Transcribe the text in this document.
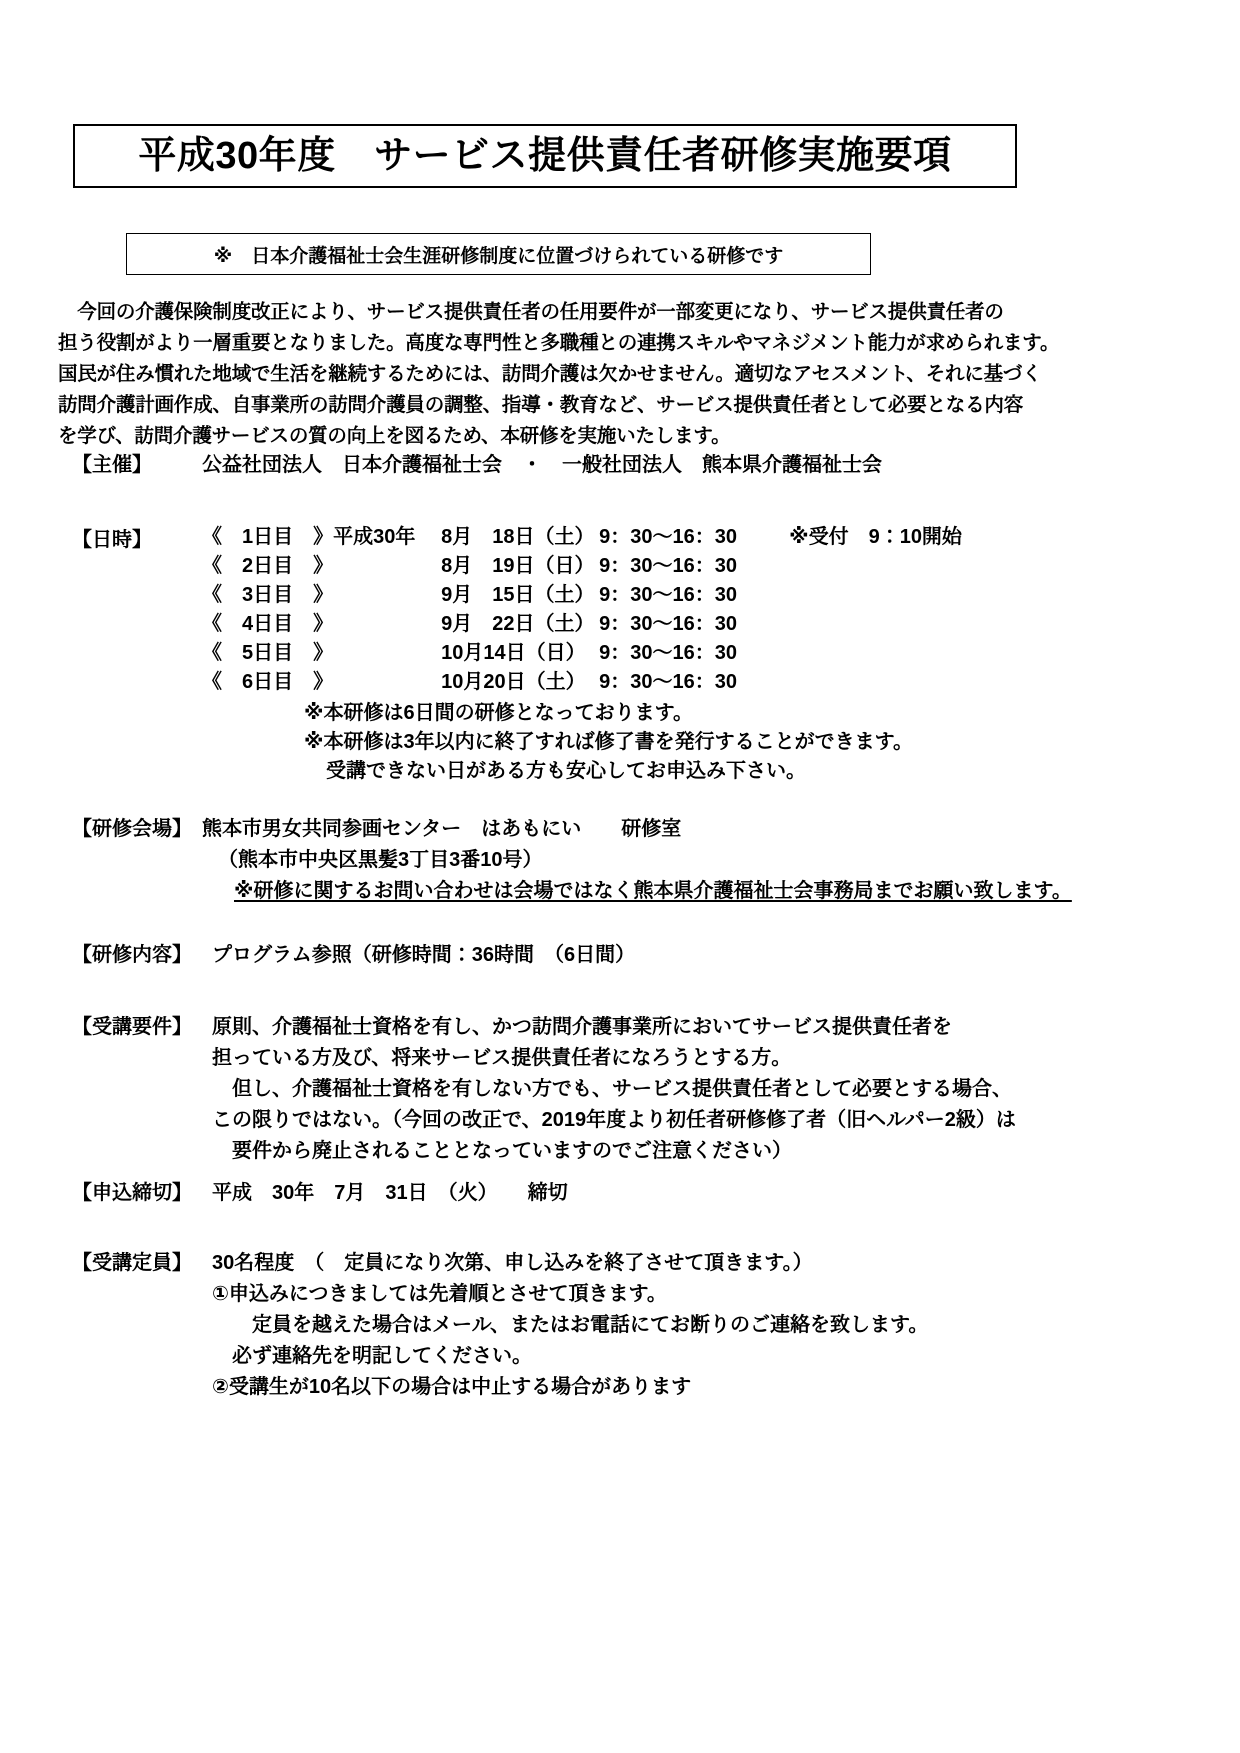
平成30年度　サービス提供責任者研修実施要項
※　日本介護福祉士会生涯研修制度に位置づけられている研修です

　今回の介護保険制度改正により、サービス提供責任者の任用要件が一部変更になり、サービス提供責任者の

担う役割がより一層重要となりました。高度な専門性と多職種との連携スキルやマネジメント能力が求められます。

国民が住み慣れた地域で生活を継続するためには、訪問介護は欠かせません。適切なアセスメント、それに基づく

訪問介護計画作成、自事業所の訪問介護員の調整、指導・教育など、サービス提供責任者として必要となる内容

を学び、訪問介護サービスの質の向上を図るため、本研修を実施いたします。

【主催】	公益社団法人　日本介護福祉士会　・　一般社団法人　熊本県介護福祉士会
【日時】	《　1日目　》	平成30年	8月　18日（土）	9：30〜16：30	※受付　9：10開始
《　2日目　》		8月　19日（日）	9：30〜16：30	
《　3日目　》		9月　15日（土）	9：30〜16：30	
《　4日目　》		9月　22日（土）	9：30〜16：30	
《　5日目　》		10月14日（日）	9：30〜16：30	
《　6日目　》		10月20日（土）	9：30〜16：30	
※本研修は6日間の研修となっております。
※本研修は3年以内に終了すれば修了書を発行することができます。
受講できない日がある方も安心してお申込み下さい。
【研修会場】　熊本市男女共同参画センター　はあもにい　　研修室
（熊本市中央区黒髪3丁目3番10号）
※研修に関するお問い合わせは会場ではなく熊本県介護福祉士会事務局までお願い致します。
【研修内容】	プログラム参照（研修時間：36時間　（6日間）
【受講要件】 原則、介護福祉士資格を有し、かつ訪問介護事業所においてサービス提供責任者を
担っている方及び、将来サービス提供責任者になろうとする方。
　但し、介護福祉士資格を有しない方でも、サービス提供責任者として必要とする場合、
この限りではない。（今回の改正で、2019年度より初任者研修修了者（旧ヘルパー2級）は
　要件から廃止されることとなっていますのでご注意ください）
【申込締切】	平成　30年　7月　31日　（火）　　締切
【受講定員】 30名程度　（　定員になり次第、申し込みを終了させて頂きます。）
①申込みにつきましては先着順とさせて頂きます。
　定員を越えた場合はメール、またはお電話にてお断りのご連絡を致します。
必ず連絡先を明記してください。
②受講生が10名以下の場合は中止する場合があります
